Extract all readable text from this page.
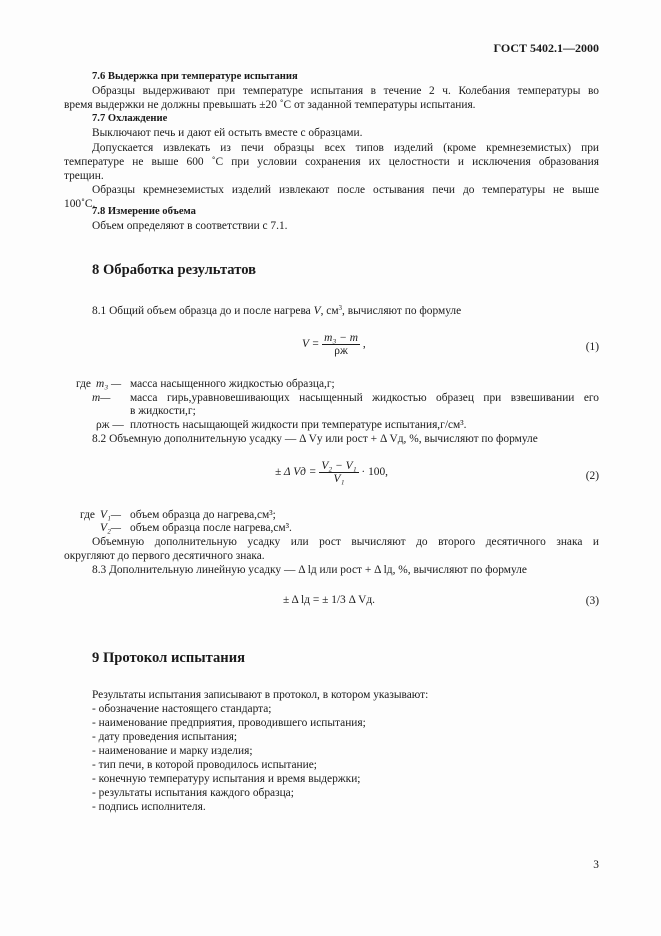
ГОСТ 5402.1—2000
7.6 Выдержка при температуре испытания
Образцы выдерживают при температуре испытания в течение 2 ч. Колебания температуры во
время выдержки не должны превышать ±20 ˚С от заданной температуры испытания.
7.7 Охлаждение
Выключают печь и дают ей остыть вместе с образцами.
Допускается извлекать из печи образцы всех типов изделий (кроме кремнеземистых) при
температуре не выше 600 ˚С при условии сохранения их целостности и исключения образования
трещин.
Образцы кремнеземистых изделий извлекают после остывания печи до температуры не выше
100˚С.
7.8 Измерение объема
Объем определяют в соответствии с 7.1.
8 Обработка результатов
8.1 Общий объем образца до и после нагрева V, $см^3$, вычисляют по формуле
$V = \frac{\text{m₃ − m}}{\rho ж}$ ,	(1)
где m₃ — масса насыщенного жидкостью образца,г;
m— масса гирь,уравновешивающих насыщенный жидкостью образец при взвешивании его
в жидкости,г;
ρж — плотность насыщающей жидкости при температуре испытания,г/см³.
8.2 Объемную дополнительную усадку — Δ Vу или рост + Δ Vд, %, вычисляют по формуле
± Δ Vд = $\frac{\text{V₂ − V₁}}{\text{V₁}} \cdot 100$,	(2)
где V₁— объем образца до нагрева,см³;
V₂— объем образца после нагрева,см³.
Объемную дополнительную усадку или рост вычисляют до второго десятичного знака и
округляют до первого десятичного знака.
8.3 Дополнительную линейную усадку — Δ lд или рост + Δ lд, %, вычисляют по формуле
± Δ lд = ± 1/3 Δ Vд.	(3)
9 Протокол испытания
Результаты испытания записывают в протокол, в котором указывают:
- обозначение настоящего стандарта;
- наименование предприятия, проводившего испытания;
- дату проведения испытания;
- наименование и марку изделия;
- тип печи, в которой проводилось испытание;
- конечную температуру испытания и время выдержки;
- результаты испытания каждого образца;
- подпись исполнителя.
3
